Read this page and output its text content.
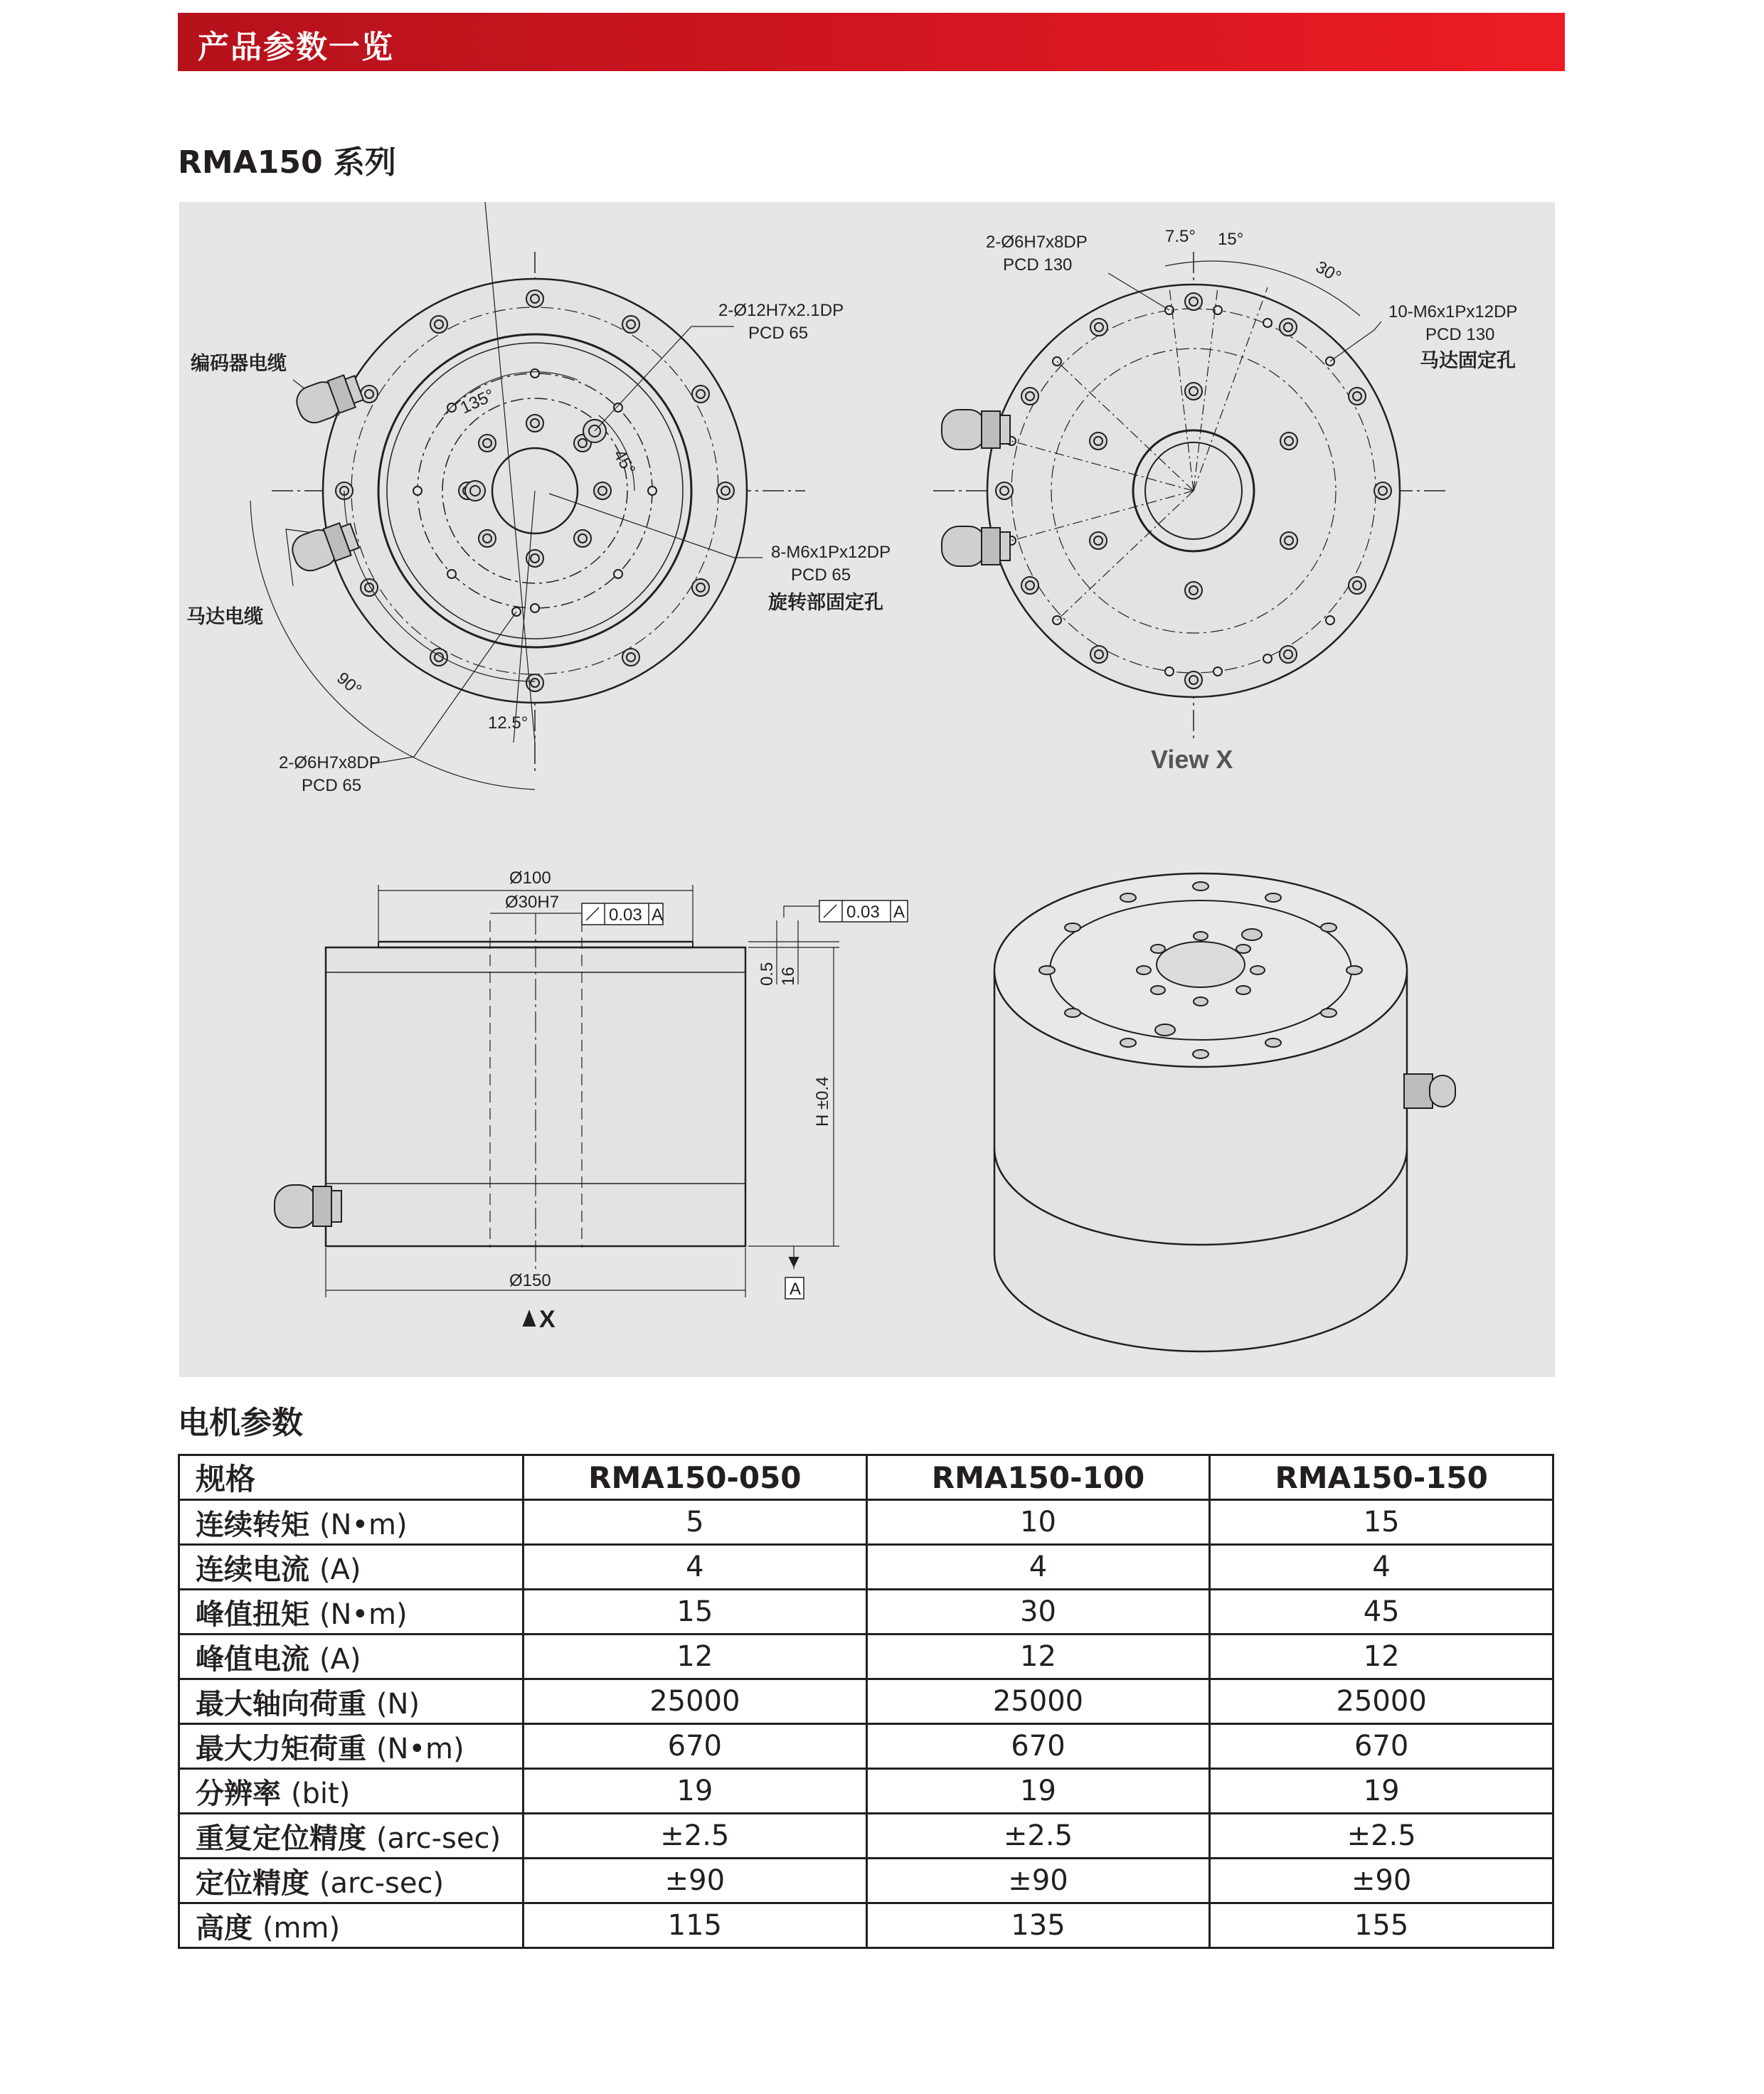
产品参数一览
RMA150 系列
编码器电缆
马达电缆
2-Ø12H7x2.1DP
PCD 65
8-M6x1Px12DP
PCD 65
旋转部固定孔
2-Ø6H7x8DP
PCD 65
135°
45°
90°
12.5°
2-Ø6H7x8DP
PCD 130
10-M6x1Px12DP
PCD 130
马达固定孔
7.5° 15°
30°
View X
Ø100
Ø30H7
Ø150
0.03 A	0.03 A
A
0.5 16
H ±0.4
X
电机参数
规格	RMA150-050	RMA150-100	RMA150-150
连续转矩 (N•m)	5	10	15
连续电流 (A)	4	4	4
峰值扭矩 (N•m)	15	30	45
峰值电流 (A)	12	12	12
最大轴向荷重 (N)	25000	25000	25000
最大力矩荷重 (N•m)	670	670	670
分辨率 (bit)	19	19	19
重复定位精度 (arc-sec)	±2.5	±2.5	±2.5
定位精度 (arc-sec)	±90	±90	±90
高度 (mm)	115	135	155
